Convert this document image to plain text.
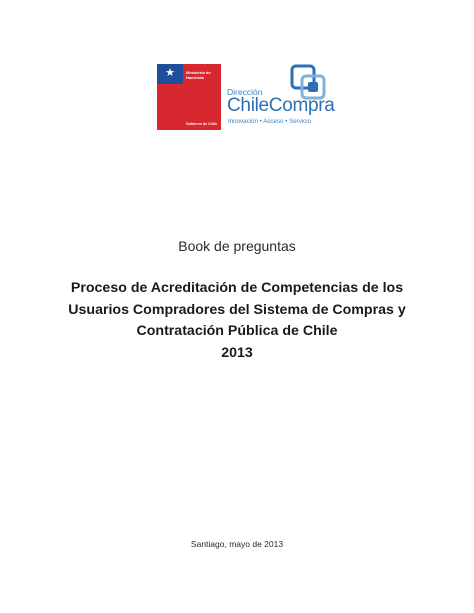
★	Ministerio de
Hacienda
Gobierno de Chile
Dirección
ChileCompra
Innovación • Acceso • Servicio
Book de preguntas
Proceso de Acreditación de Competencias de los
Usuarios Compradores del Sistema de Compras y
Contratación Pública de Chile
2013
Santiago, mayo de 2013
